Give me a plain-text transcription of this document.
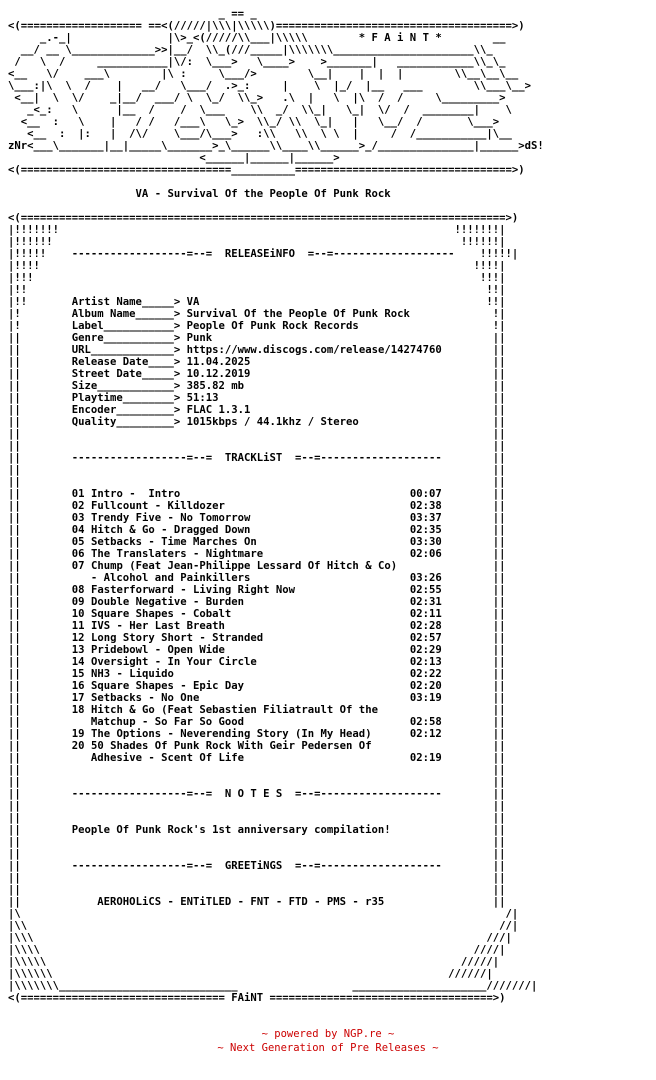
_ == _
<(=================== ==<(/////|\\\|\\\\\)=====================================>)
_.-_|               |\>_<(/////\\___|\\\\\        * F A i N T *        __
__/ __ \_____________>>|__/  \\_(///_____|\\\\\\\______________________\\_
/   \  /     ___________|\/:  \___>   \____>    >_______|   ____________\\_\_
<__   \/    ___\        |\ :     \___/>        \__|    |  |  |        \\__\__\__
\___:|\  \  /    |   __/   \___/  .>_:     |    \  |_/  |__   ___        \\___\__>
<__|  \  \/    _|__/  ___/ \  \_/  \\_>   .\  |   \  |\  /  /     \_________>
_<_:   \      |__  /    /  \___    \\  _/  \\_|   \_|  \/  /  ________|    \
<__  :   \    |   / /   /___\   \_>  \\_/ \\  \_|   |   \__/  /       \___>
<__  :  |:   |  /\/    \___/\___>   :\\   \\  \ \  |     /  /___________|\__
zNr<___\_______|__|_____\_______>_\______\\____\\______>_/_______________|______>dS!
<______|______|______>
<(=================================__________==================================>)
VA - Survival Of the People Of Punk Rock
<(============================================================================>)
|!!!!!!!                                                              !!!!!!!|
|!!!!!!                                                                !!!!!!|
|!!!!!    ------------------=--=  RELEASEiNFO  =--=-------------------    !!!!!|
|!!!!                                                                    !!!!|
|!!!                                                                      !!!|
|!!                                                                        !!|
|!!       Artist Name_____> VA                                             !!|
|!        Album Name______> Survival Of the People Of Punk Rock             !|
|!        Label___________> People Of Punk Rock Records                     !|
||        Genre___________> Punk                                            ||
||        URL_____________> https://www.discogs.com/release/14274760        ||
||        Release Date____> 11.04.2025                                      ||
||        Street Date_____> 10.12.2019                                      ||
||        Size____________> 385.82 mb                                       ||
||        Playtime________> 51:13                                           ||
||        Encoder_________> FLAC 1.3.1                                      ||
||        Quality_________> 1015kbps / 44.1khz / Stereo                     ||
||                                                                          ||
||                                                                          ||
||        ------------------=--=  TRACKLiST  =--=-------------------        ||
||                                                                          ||
||                                                                          ||
||        01 Intro -  Intro	00:07        ||
||        02 Fullcount - Killdozer	02:38        ||
||        03 Trendy Five - No Tomorrow	03:37        ||
||        04 Hitch & Go - Dragged Down	02:35        ||
||        05 Setbacks - Time Marches On	03:30        ||
||        06 The Translaters - Nightmare	02:06        ||
||        07 Chump (Feat Jean-Philippe Lessard Of Hitch & Co)               ||
||           - Alcohol and Painkillers	03:26        ||
||        08 Fasterforward - Living Right Now	02:55        ||
||        09 Double Negative - Burden	02:31        ||
||        10 Square Shapes - Cobalt	02:11        ||
||        11 IVS - Her Last Breath	02:28        ||
||        12 Long Story Short - Stranded	02:57        ||
||        13 Pridebowl - Open Wide	02:29        ||
||        14 Oversight - In Your Circle	02:13        ||
||        15 NH3 - Liquido	02:22        ||
||        16 Square Shapes - Epic Day	02:20        ||
||        17 Setbacks - No One	03:19        ||
||        18 Hitch & Go (Feat Sebastien Filiatrault Of the                  ||
||           Matchup - So Far So Good	02:58        ||
||        19 The Options - Neverending Story (In My Head)	02:12        ||
||        20 50 Shades Of Punk Rock With Geir Pedersen Of                   ||
||           Adhesive - Scent Of Life	02:19        ||
||                                                                          ||
||                                                                          ||
||        ------------------=--=  N O T E S  =--=-------------------        ||
||                                                                          ||
||                                                                          ||
||        People Of Punk Rock's 1st anniversary compilation!                ||
||                                                                          ||
||                                                                          ||
||        ------------------=--=  GREETiNGS  =--=-------------------        ||
||                                                                          ||
||                                                                          ||
||            AEROHOLiCS - ENTiTLED - FNT - FTD - PMS - r35                 ||
|\                                                                            /|
|\\                                                                          //|
|\\\                                                                       ///|
|\\\\                                                                    ////|
|\\\\\                                                                 /////|
|\\\\\\                                                              //////|
|\\\\\\\____________________________                  _____________________///////|
<(================================ FAiNT ===================================>)
~ powered by NGP.re ~
~ Next Generation of Pre Releases ~
